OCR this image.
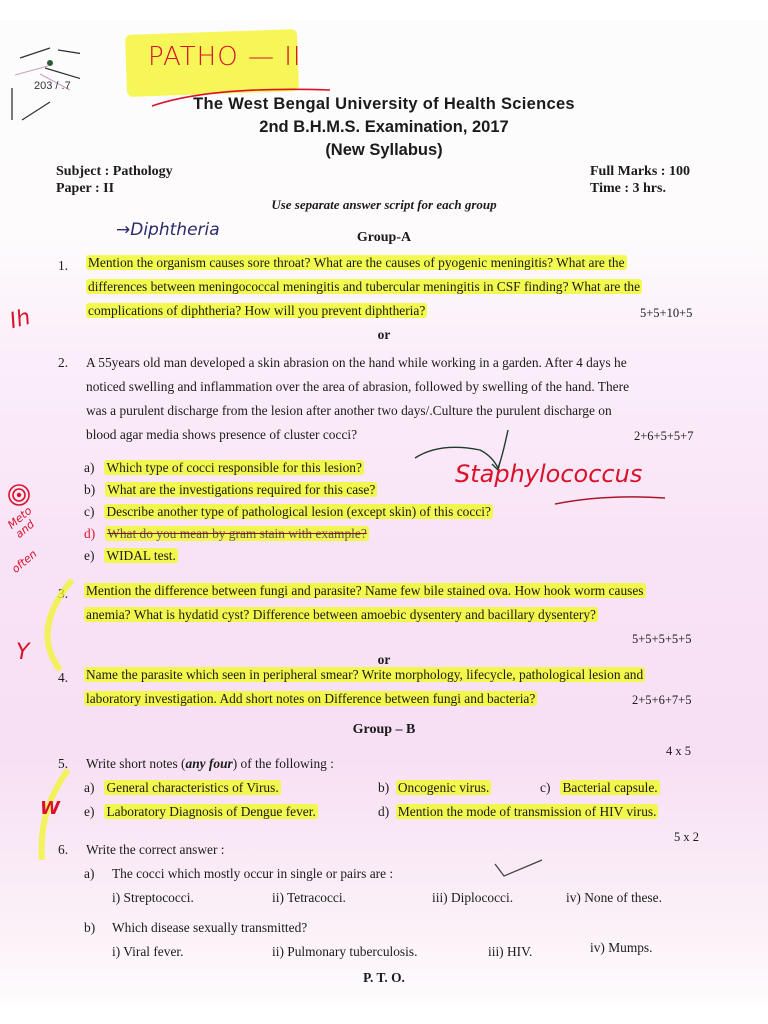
203 / .7
PATHO — II
The West Bengal University of Health Sciences
2nd B.H.M.S. Examination, 2017
(New Syllabus)
Subject : Pathology
Paper : II
Full Marks : 100
Time : 3 hrs.
Use separate answer script for each group
→Diphtheria	Group-A
1. Mention the organism causes sore throat? What are the causes of pyogenic meningitis? What are the
differences between meningococcal meningitis and tubercular meningitis in CSF finding? What are the
complications of diphtheria? How will you prevent diphtheria?	5+5+10+5
Ih
or
2. A 55years old man developed a skin abrasion on the hand while working in a garden. After 4 days he
noticed swelling and inflammation over the area of abrasion, followed by swelling of the hand. There
was a purulent discharge from the lesion after another two days/.Culture the purulent discharge on
blood agar media shows presence of cluster cocci?	2+6+5+5+7
a) Which type of cocci responsible for this lesion?
b) What are the investigations required for this case?
c) Describe another type of pathological lesion (except skin) of this cocci?
d) What do you mean by gram stain with example?
e) WIDAL test.
Staphylococcus
Meto and
often
3. Mention the difference between fungi and parasite? Name few bile stained ova. How hook worm causes
anemia? What is hydatid cyst? Difference between amoebic dysentery and bacillary dysentery?
5+5+5+5+5
Y	or
4. Name the parasite which seen in peripheral smear? Write morphology, lifecycle, pathological lesion and
laboratory investigation. Add short notes on Difference between fungi and bacteria?	2+5+6+7+5
Group – B
4 x 5
5. Write short notes (any four) of the following :
a) General characteristics of Virus.	b) Oncogenic virus.	c) Bacterial capsule.
e) Laboratory Diagnosis of Dengue fever.	d) Mention the mode of transmission of HIV virus.
W
5 x 2
6. Write the correct answer :
a) The cocci which mostly occur in single or pairs are :
i) Streptococci.	ii) Tetracocci.	iii) Diplococci.	iv) None of these.
b) Which disease sexually transmitted?
i) Viral fever.	ii) Pulmonary tuberculosis.	iii) HIV.	iv) Mumps.
P. T. O.
